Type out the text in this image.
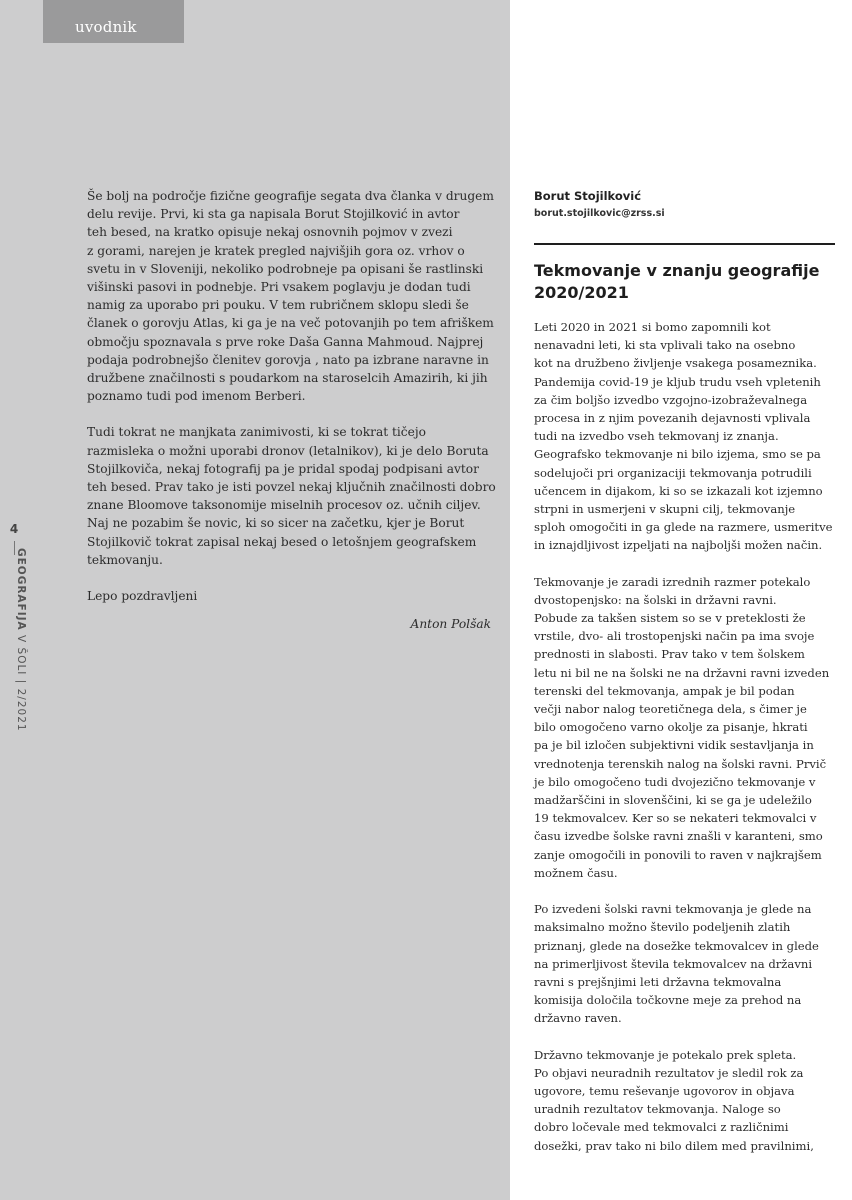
uvodnik
4
GEOGRAFIJA V ŠOLI | 2/2021

Še bolj na področje fizične geografije segata dva članka v drugem
delu revije. Prvi, ki sta ga napisala Borut Stojilković in avtor
teh besed, na kratko opisuje nekaj osnovnih pojmov v zvezi
z gorami, narejen je kratek pregled najvišjih gora oz. vrhov o
svetu in v Sloveniji, nekoliko podrobneje pa opisani še rastlinski
višinski pasovi in podnebje. Pri vsakem poglavju je dodan tudi
namig za uporabo pri pouku. V tem rubričnem sklopu sledi še
članek o gorovju Atlas, ki ga je na več potovanjih po tem afriškem
območju spoznavala s prve roke Daša Ganna Mahmoud. Najprej
podaja podrobnejšo členitev gorovja , nato pa izbrane naravne in
družbene značilnosti s poudarkom na staroselcih Amazirih, ki jih
poznamo tudi pod imenom Berberi.

Tudi tokrat ne manjkata zanimivosti, ki se tokrat tičejo
razmisleka o možni uporabi dronov (letalnikov), ki je delo Boruta
Stojilkoviča, nekaj fotografij pa je pridal spodaj podpisani avtor
teh besed. Prav tako je isti povzel nekaj ključnih značilnosti dobro
znane Bloomove taksonomije miselnih procesov oz. učnih ciljev.
Naj ne pozabim še novic, ki so sicer na začetku, kjer je Borut
Stojilkovič tokrat zapisal nekaj besed o letošnjem geografskem
tekmovanju.

Lepo pozdravljeni

Anton Polšak

Borut Stojilković

borut.stojilkovic@zrss.si

Tekmovanje v znanju geografije
2020/2021

Leti 2020 in 2021 si bomo zapomnili kot
nenavadni leti, ki sta vplivali tako na osebno
kot na družbeno življenje vsakega posameznika.
Pandemija covid-19 je kljub trudu vseh vpletenih
za čim boljšo izvedbo vzgojno-izobraževalnega
procesa in z njim povezanih dejavnosti vplivala
tudi na izvedbo vseh tekmovanj iz znanja.
Geografsko tekmovanje ni bilo izjema, smo se pa
sodelujoči pri organizaciji tekmovanja potrudili
učencem in dijakom, ki so se izkazali kot izjemno
strpni in usmerjeni v skupni cilj, tekmovanje
sploh omogočiti in ga glede na razmere, usmeritve
in iznajdljivost izpeljati na najboljši možen način.

Tekmovanje je zaradi izrednih razmer potekalo
dvostopenjsko: na šolski in državni ravni.
Pobude za takšen sistem so se v preteklosti že
vrstile, dvo- ali trostopenjski način pa ima svoje
prednosti in slabosti. Prav tako v tem šolskem
letu ni bil ne na šolski ne na državni ravni izveden
terenski del tekmovanja, ampak je bil podan
večji nabor nalog teoretičnega dela, s čimer je
bilo omogočeno varno okolje za pisanje, hkrati
pa je bil izločen subjektivni vidik sestavljanja in
vrednotenja terenskih nalog na šolski ravni. Prvič
je bilo omogočeno tudi dvojezično tekmovanje v
madžarščini in slovenščini, ki se ga je udeležilo
19 tekmovalcev. Ker so se nekateri tekmovalci v
času izvedbe šolske ravni znašli v karanteni, smo
zanje omogočili in ponovili to raven v najkrajšem
možnem času.

Po izvedeni šolski ravni tekmovanja je glede na
maksimalno možno število podeljenih zlatih
priznanj, glede na dosežke tekmovalcev in glede
na primerljivost števila tekmovalcev na državni
ravni s prejšnjimi leti državna tekmovalna
komisija določila točkovne meje za prehod na
državno raven.

Državno tekmovanje je potekalo prek spleta.
Po objavi neuradnih rezultatov je sledil rok za
ugovore, temu reševanje ugovorov in objava
uradnih rezultatov tekmovanja. Naloge so
dobro ločevale med tekmovalci z različnimi
dosežki, prav tako ni bilo dilem med pravilnimi,
